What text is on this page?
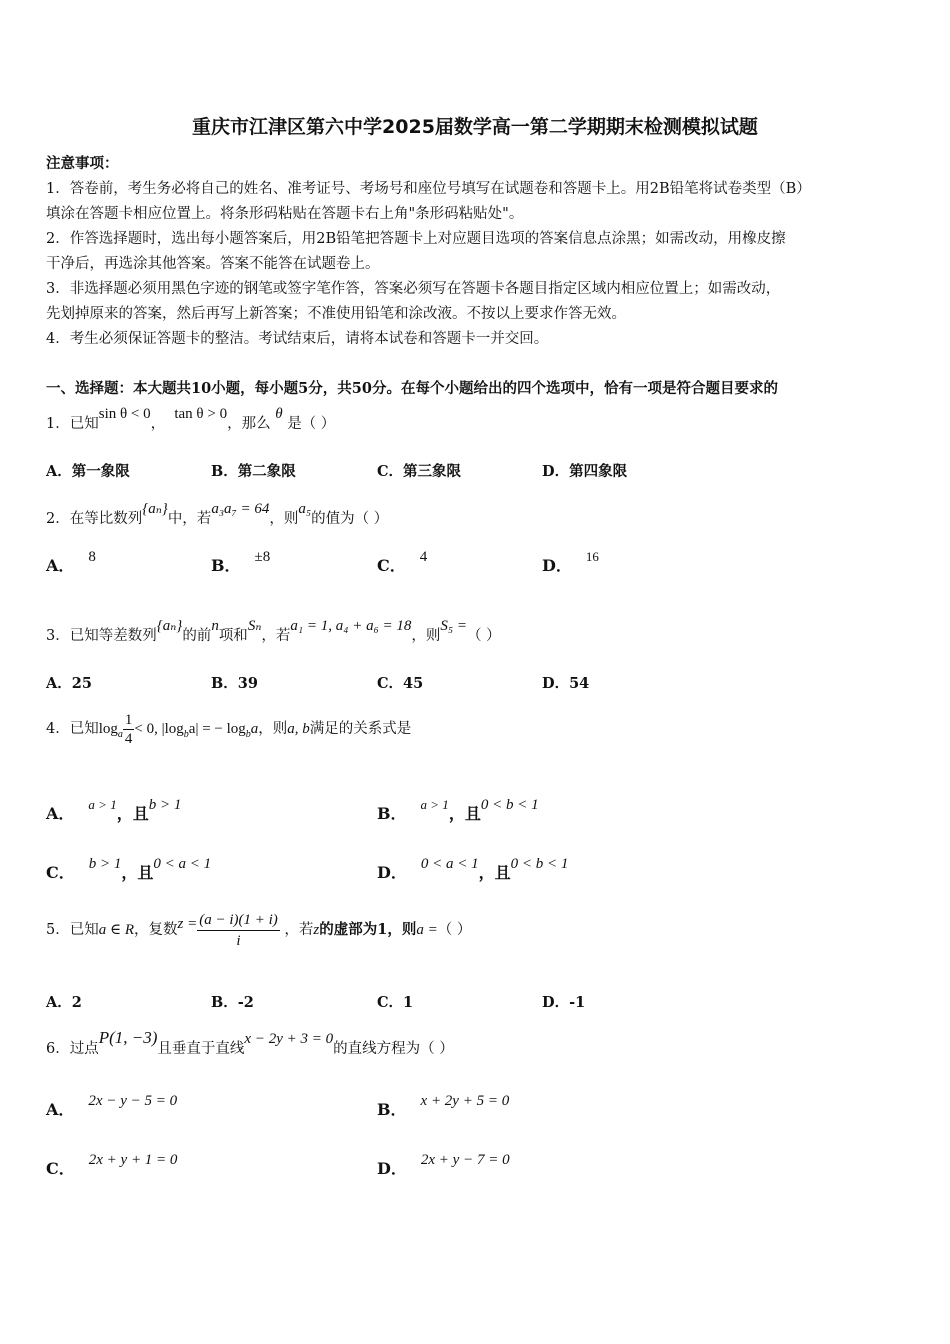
重庆市江津区第六中学2025届数学高一第二学期期末检测模拟试题
注意事项：
1．答卷前，考生务必将自己的姓名、准考证号、考场号和座位号填写在试题卷和答题卡上。用2B铅笔将试卷类型（B）
填涂在答题卡相应位置上。将条形码粘贴在答题卡右上角"条形码粘贴处"。
2．作答选择题时，选出每小题答案后，用2B铅笔把答题卡上对应题目选项的答案信息点涂黑；如需改动，用橡皮擦
干净后，再选涂其他答案。答案不能答在试题卷上。
3．非选择题必须用黑色字迹的钢笔或签字笔作答，答案必须写在答题卡各题目指定区域内相应位置上；如需改动，
先划掉原来的答案，然后再写上新答案；不准使用铅笔和涂改液。不按以上要求作答无效。
4．考生必须保证答题卡的整洁。考试结束后，请将本试卷和答题卡一并交回。
一、选择题：本大题共10小题，每小题5分，共50分。在每个小题给出的四个选项中，恰有一项是符合题目要求的
1．已知sin θ < 0，  tan θ > 0，那么 θ 是（ ）
A．第一象限	B．第二象限	C．第三象限	D．第四象限
2．在等比数列{aₙ}中，若a₃a₇ = 64，则a₅的值为（ ）
A． 8	B． ±8	C． 4	D． $^{16}$
3．已知等差数列{aₙ}的前n项和Sₙ，若a₁ = 1, a₄ + a₆ = 18，则S₅ =（ ）
A．25	B．39	C．45	D．54
4．已知$\log_a \frac{1}{4} < 0$, $|\log_ba|$ = − $\log_ba$，则a, b满足的关系式是
A． $^{a > 1}$，且b > 1	B． $^{a > 1}$，且0 < b < 1
C． b > 1，且0 < a < 1	D． 0 < a < 1，且0 < b < 1
5．已知a ∈ R，复数$z = \frac{(a - i)(1 + i)}{i}$ ，若z的虚部为1，则a =（ ）
A．2	B．-2	C．1	D．-1
6．过点P(1, −3)且垂直于直线x − 2y + 3 = 0的直线方程为（ ）
A． 2x − y − 5 = 0	B． x + 2y + 5 = 0
C． 2x + y + 1 = 0	D． 2x + y − 7 = 0
